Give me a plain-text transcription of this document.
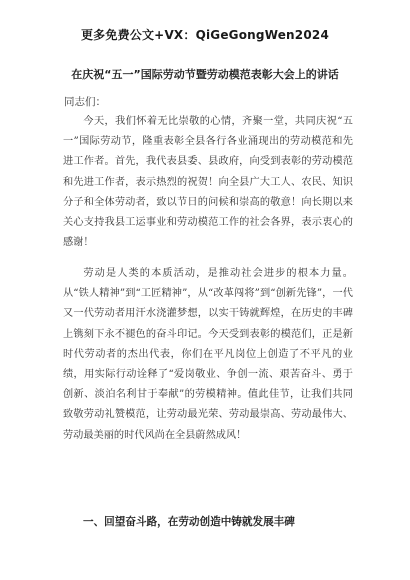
更多免费公文+VX：QiGeGongWen2024
在庆祝“五一”国际劳动节暨劳动模范表彰大会上的讲话
同志们：

今天，我们怀着无比崇敬的心情，齐聚一堂，共同庆祝“五一”国际劳动节，隆重表彰全县各行各业涌现出的劳动模范和先进工作者。首先，我代表县委、县政府，向受到表彰的劳动模范和先进工作者，表示热烈的祝贺！向全县广大工人、农民、知识分子和全体劳动者，致以节日的问候和崇高的敬意！向长期以来关心支持我县工运事业和劳动模范工作的社会各界，表示衷心的感谢！

劳动是人类的本质活动，是推动社会进步的根本力量。从“铁人精神”到“工匠精神”，从“改革闯将”到“创新先锋”，一代又一代劳动者用汗水浇灌梦想，以实干铸就辉煌，在历史的丰碑上镌刻下永不褪色的奋斗印记。今天受到表彰的模范们，正是新时代劳动者的杰出代表，你们在平凡岗位上创造了不平凡的业绩，用实际行动诠释了“爱岗敬业、争创一流、艰苦奋斗、勇于创新、淡泊名利甘于奉献”的劳模精神。值此佳节，让我们共同致敬劳动礼赞模范，让劳动最光荣、劳动最崇高、劳动最伟大、劳动最美丽的时代风尚在全县蔚然成风！

一、回望奋斗路，在劳动创造中铸就发展丰碑
